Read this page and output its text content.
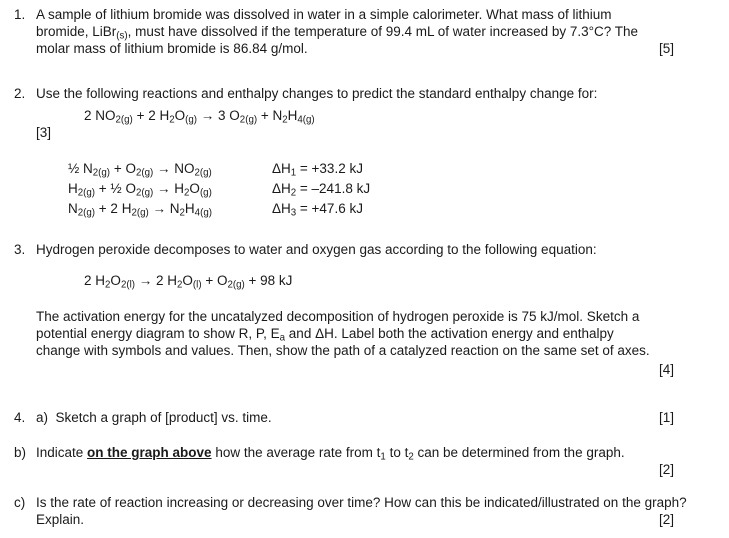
1. A sample of lithium bromide was dissolved in water in a simple calorimeter. What mass of lithium
bromide, LiBr$_{(s)}$, must have dissolved if the temperature of 99.4 mL of water increased by 7.3°C? The
molar mass of lithium bromide is 86.84 g/mol.	[5]
2. Use the following reactions and enthalpy changes to predict the standard enthalpy change for:
2 $NO_{2(g)} + 2$ $H_2O_{(g)} \to 3$ $O_{2(g)} + N_2H_{4(g)}$
[3]
½ $N_{2(g)} + O_{2(g)} \to NO_{2(g)}$	$\Delta H_1 = +33.2$ kJ
$H_{2(g)}$ + ½ $O_{2(g)} \to H_2O_{(g)}$	$\Delta H_2 = -241.8$ kJ
$N_{2(g)} + 2$ $H_{2(g)} \to N_2H_{4(g)}$	$\Delta H_3 = +47.6$ kJ
3. Hydrogen peroxide decomposes to water and oxygen gas according to the following equation:
2 $H_2O_{2(l)} \to 2$ $H_2O_{(l)} + O_{2(g)} + 98$ kJ
The activation energy for the uncatalyzed decomposition of hydrogen peroxide is 75 kJ/mol. Sketch a
potential energy diagram to show R, P, $E_a$ and ΔH. Label both the activation energy and enthalpy
change with symbols and values. Then, show the path of a catalyzed reaction on the same set of axes.
[4]
4. a) Sketch a graph of [product] vs. time.	[1]
b) Indicate on the graph above how the average rate from $t_1$ to $t_2$ can be determined from the graph.
[2]
c) Is the rate of reaction increasing or decreasing over time? How can this be indicated/illustrated on the graph? Explain.	[2]
